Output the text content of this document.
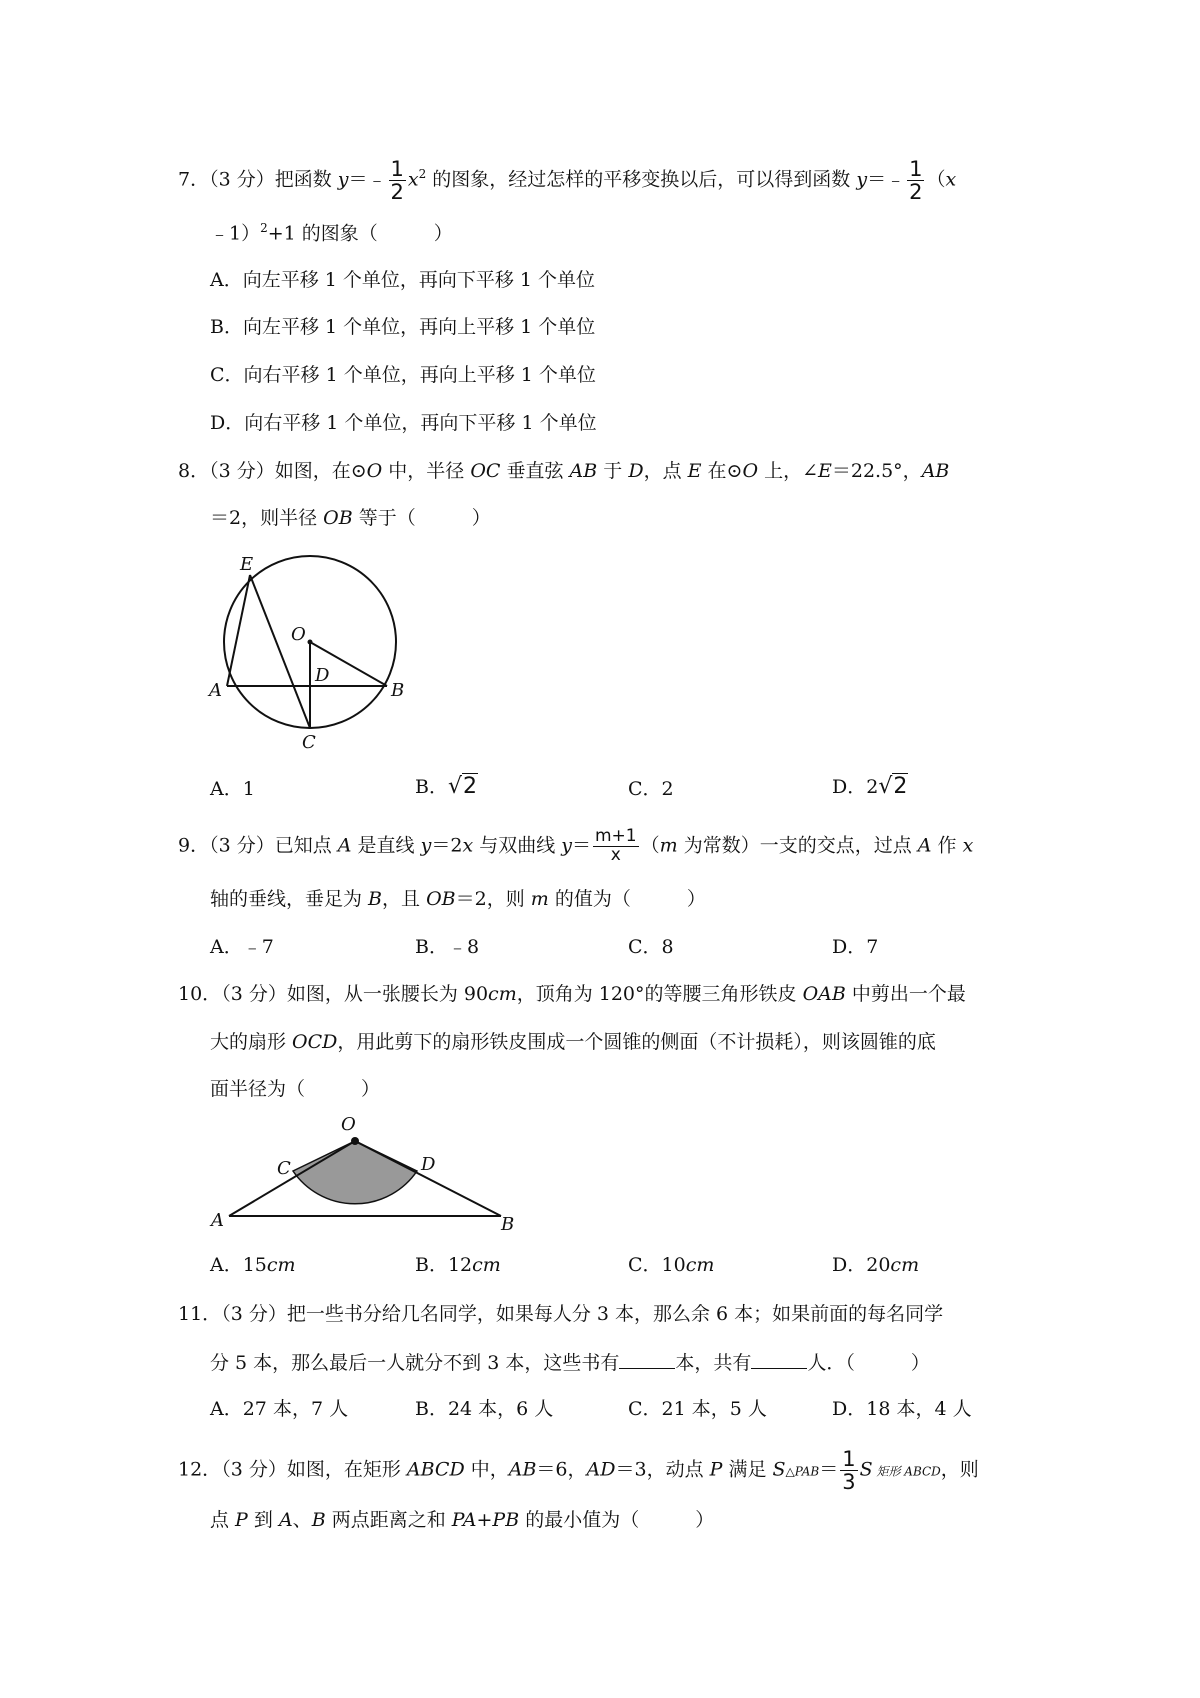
7．（3 分）把函数 y＝﹣ $\frac{1}{2} x^2$ 的图象，经过怎样的平移变换以后，可以得到函数 y＝﹣ $\frac{1}{2} (x$
﹣1）$^2$+1 的图象（	）
A．向左平移 1 个单位，再向下平移 1 个单位
B．向左平移 1 个单位，再向上平移 1 个单位
C．向右平移 1 个单位，再向上平移 1 个单位
D．向右平移 1 个单位，再向下平移 1 个单位
8．（3 分）如图，在⊙O 中，半径 OC 垂直弦 AB 于 D，点 E 在⊙O 上，∠E＝22.5°，AB
＝2，则半径 OB 等于（	）
E
O
D
A	B
C
A．1	B．√2	C．2	D．2√2
9．（3 分）已知点 A 是直线 y＝2x 与双曲线 $y= \frac{m+1}{x} (m$ 为常数）一支的交点，过点 A 作 x
轴的垂线，垂足为 B，且 OB＝2，则 m 的值为（	）
A．﹣7	B．﹣8	C．8	D．7
10．（3 分）如图，从一张腰长为 90cm，顶角为 120°的等腰三角形铁皮 OAB 中剪出一个最
大的扇形 OCD，用此剪下的扇形铁皮围成一个圆锥的侧面（不计损耗），则该圆锥的底
面半径为（	）
O
C	D
A	B
A．15cm	B．12cm	C．10cm	D．20cm
11．（3 分）把一些书分给几名同学，如果每人分 3 本，那么余 6 本；如果前面的每名同学
分 5 本，那么最后一人就分不到 3 本，这些书有	本，共有	人．（	）
A．27 本，7 人	B．24 本，6 人	C．21 本，5 人	D．18 本，4 人
12．（3 分）如图，在矩形 ABCD 中，AB＝6，AD＝3，动点 P 满足 S△PAB＝ $\frac{1}{3}$ S 矩形 ABCD，则
点 P 到 A、B 两点距离之和 PA+PB 的最小值为（	）
